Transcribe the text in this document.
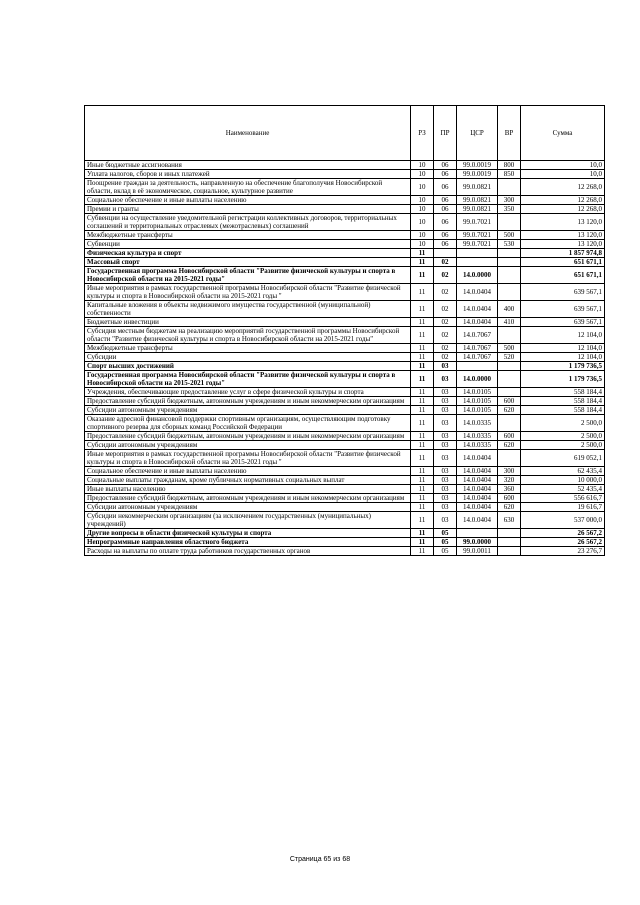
Наименование	РЗ	ПР	ЦСР	ВР	Сумма
Иные бюджетные ассигнования	10	06	99.0.0019	800	10,0
Уплата налогов, сборов и иных платежей	10	06	99.0.0019	850	10,0
Поощрение граждан за деятельность, направленную на обеспечение благополучия Новосибирской области, вклад в её экономическое, социальное, культурное развитие	10	06	99.0.0821		12 268,0
Социальное обеспечение и иные выплаты населению	10	06	99.0.0821	300	12 268,0
Премии и гранты	10	06	99.0.0821	350	12 268,0
Субвенции на осуществление уведомительной регистрации коллективных договоров, территориальных соглашений и территориальных отраслевых (межотраслевых) соглашений	10	06	99.0.7021		13 120,0
Межбюджетные трансферты	10	06	99.0.7021	500	13 120,0
Субвенции	10	06	99.0.7021	530	13 120,0
Физическая культура и спорт	11				1 857 974,8
Массовый спорт	11	02			651 671,1
Государственная программа Новосибирской области "Развитие физической культуры и спорта в Новосибирской области на 2015-2021 годы"	11	02	14.0.0000		651 671,1
Иные мероприятия в рамках государственной программы Новосибирской области "Развитие физической культуры и спорта в Новосибирской области на 2015-2021 годы "	11	02	14.0.0404		639 567,1
Капитальные вложения в объекты недвижимого имущества государственной (муниципальной) собственности	11	02	14.0.0404	400	639 567,1
Бюджетные инвестиции	11	02	14.0.0404	410	639 567,1
Субсидия местным бюджетам на реализацию мероприятий государственной программы Новосибирской области "Развитие физической культуры и спорта в Новосибирской области на 2015-2021 годы"	11	02	14.0.7067		12 104,0
Межбюджетные трансферты	11	02	14.0.7067	500	12 104,0
Субсидии	11	02	14.0.7067	520	12 104,0
Спорт высших достижений	11	03			1 179 736,5
Государственная программа Новосибирской области "Развитие физической культуры и спорта в Новосибирской области на 2015-2021 годы"	11	03	14.0.0000		1 179 736,5
Учреждения, обеспечивающие предоставление услуг в сфере физической культуры и спорта	11	03	14.0.0105		558 184,4
Предоставление субсидий бюджетным, автономным учреждениям и иным некоммерческим организациям	11	03	14.0.0105	600	558 184,4
Субсидии автономным учреждениям	11	03	14.0.0105	620	558 184,4
Оказание адресной финансовой поддержки спортивным организациям, осуществляющим подготовку спортивного резерва для сборных команд Российской Федерации	11	03	14.0.0335		2 500,0
Предоставление субсидий бюджетным, автономным учреждениям и иным некоммерческим организациям	11	03	14.0.0335	600	2 500,0
Субсидии автономным учреждениям	11	03	14.0.0335	620	2 500,0
Иные мероприятия в рамках государственной программы Новосибирской области "Развитие физической культуры и спорта в Новосибирской области на 2015-2021 годы "	11	03	14.0.0404		619 052,1
Социальное обеспечение и иные выплаты населению	11	03	14.0.0404	300	62 435,4
Социальные выплаты гражданам, кроме публичных нормативных социальных выплат	11	03	14.0.0404	320	10 000,0
Иные выплаты населению	11	03	14.0.0404	360	52 435,4
Предоставление субсидий бюджетным, автономным учреждениям и иным некоммерческим организациям	11	03	14.0.0404	600	556 616,7
Субсидии автономным учреждениям	11	03	14.0.0404	620	19 616,7
Субсидии некоммерческим организациям (за исключением государственных (муниципальных) учреждений)	11	03	14.0.0404	630	537 000,0
Другие вопросы в области физической культуры и спорта	11	05			26 567,2
Непрограммные направления областного бюджета	11	05	99.0.0000		26 567,2
Расходы на выплаты по оплате труда работников государственных органов	11	05	99.0.0011		23 276,7
Страница 65 из 68
